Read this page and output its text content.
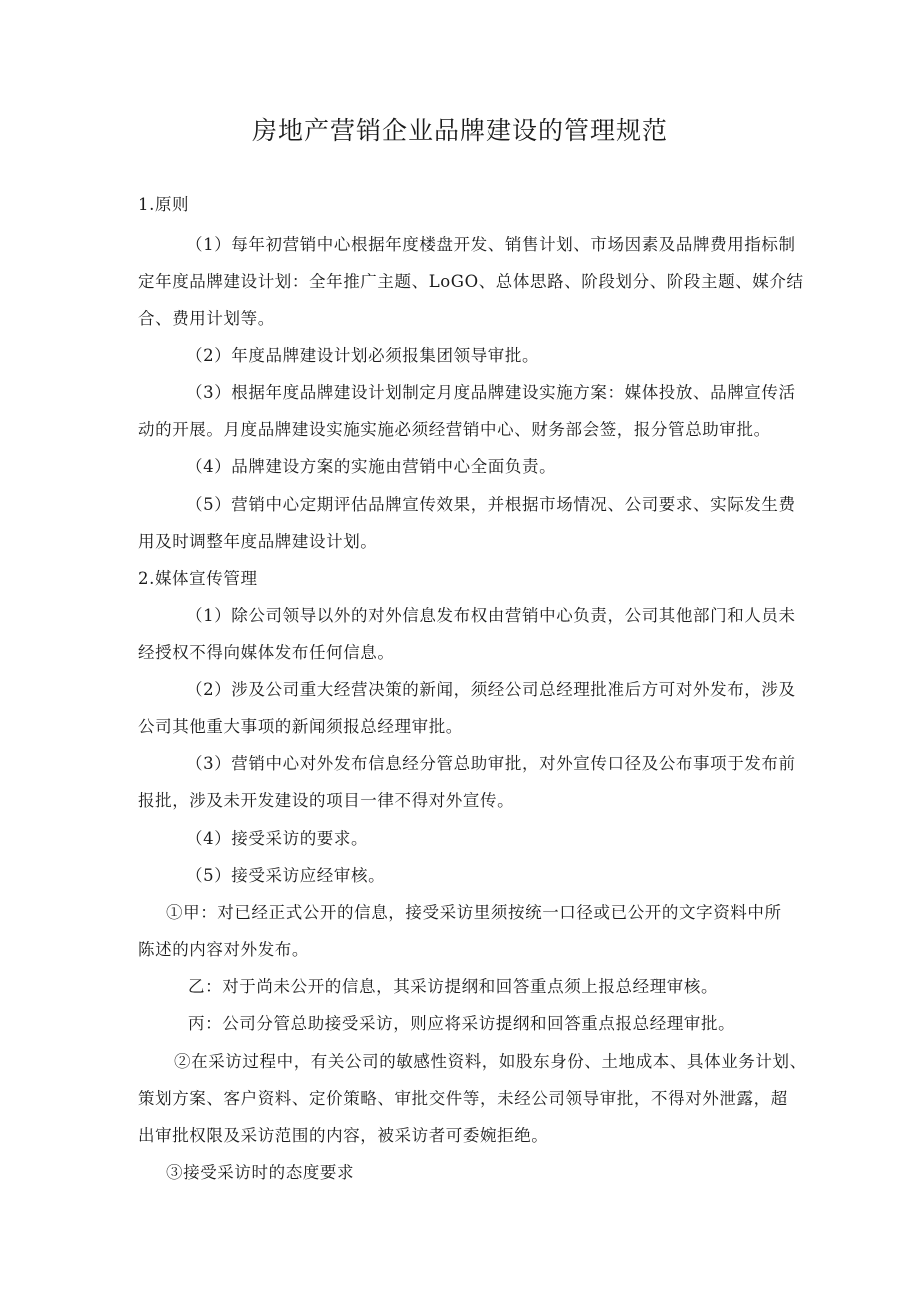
房地产营销企业品牌建设的管理规范

1.原则

（1）每年初营销中心根据年度楼盘开发、销售计划、市场因素及品牌费用指标制

定年度品牌建设计划：全年推广主题、LoGO、总体思路、阶段划分、阶段主题、媒介结
合、费用计划等。

（2）年度品牌建设计划必须报集团领导审批。

（3）根据年度品牌建设计划制定月度品牌建设实施方案：媒体投放、品牌宣传活

动的开展。月度品牌建设实施实施必须经营销中心、财务部会签，报分管总助审批。

（4）品牌建设方案的实施由营销中心全面负责。

（5）营销中心定期评估品牌宣传效果，并根据市场情况、公司要求、实际发生费

用及时调整年度品牌建设计划。

2.媒体宣传管理

（1）除公司领导以外的对外信息发布权由营销中心负责，公司其他部门和人员未

经授权不得向媒体发布任何信息。

（2）涉及公司重大经营决策的新闻，须经公司总经理批准后方可对外发布，涉及

公司其他重大事项的新闻须报总经理审批。

（3）营销中心对外发布信息经分管总助审批，对外宣传口径及公布事项于发布前

报批，涉及未开发建设的项目一律不得对外宣传。

（4）接受采访的要求。

（5）接受采访应经审核。

①甲：对已经正式公开的信息，接受采访里须按统一口径或已公开的文字资料中所

陈述的内容对外发布。

乙：对于尚未公开的信息，其采访提纲和回答重点须上报总经理审核。

丙：公司分管总助接受采访，则应将采访提纲和回答重点报总经理审批。

②在采访过程中，有关公司的敏感性资料，如股东身份、土地成本、具体业务计划、

策划方案、客户资料、定价策略、审批交件等，未经公司领导审批，不得对外泄露，超
出审批权限及采访范围的内容，被采访者可委婉拒绝。

③接受采访时的态度要求
